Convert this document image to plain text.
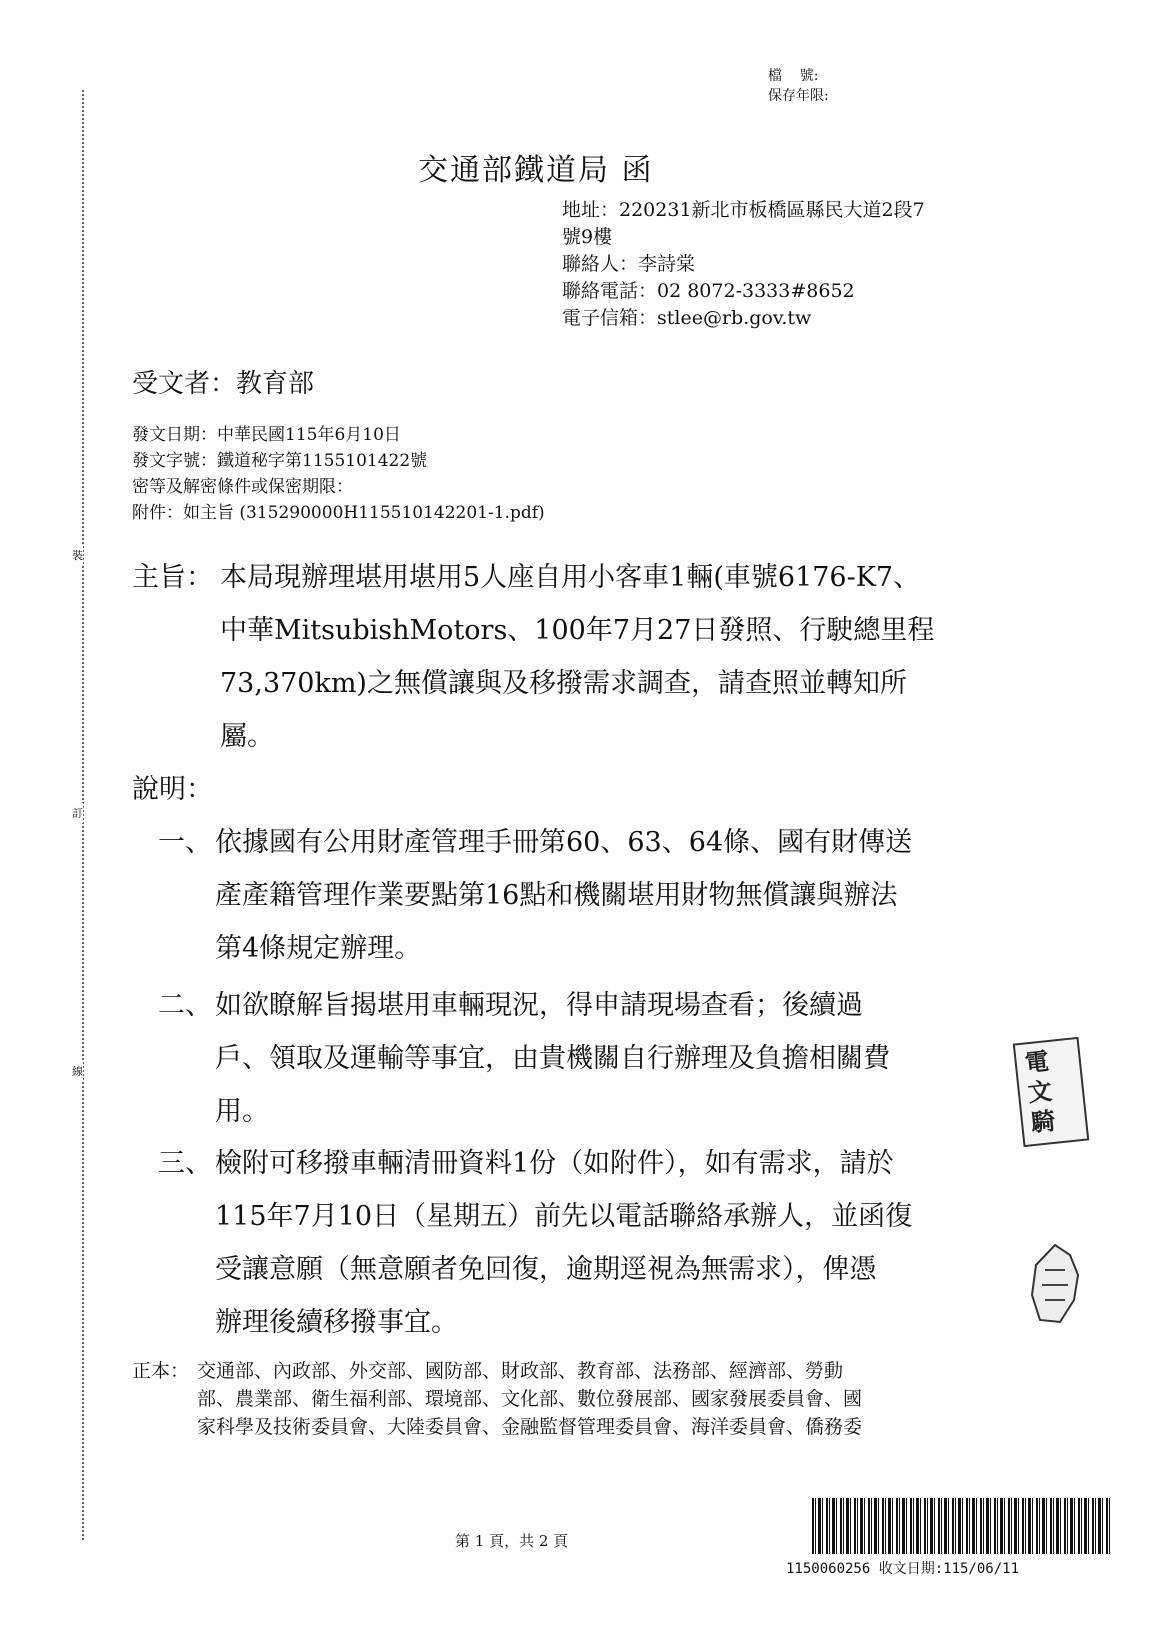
裝
訂
線
檔    號:
保存年限:
交通部鐵道局 函
地址：220231新北市板橋區縣民大道2段7
號9樓
聯絡人：李詩棠
聯絡電話：02 8072-3333#8652
電子信箱：stlee@rb.gov.tw
受文者：教育部
發文日期：中華民國115年6月10日
發文字號：鐵道秘字第1155101422號
密等及解密條件或保密期限：
附件：如主旨 (315290000H115510142201-1.pdf)
主旨： 本局現辦理堪用堪用5人座自用小客車1輛(車號6176-K7、
中華MitsubishMotors、100年7月27日發照、行駛總里程
73,370km)之無償讓與及移撥需求調查，請查照並轉知所
屬。
說明：
一、 依據國有公用財產管理手冊第60、63、64條、國有財傳送
產產籍管理作業要點第16點和機關堪用財物無償讓與辦法
第4條規定辦理。
二、 如欲瞭解旨揭堪用車輛現況，得申請現場查看；後續過
戶、領取及運輸等事宜，由貴機關自行辦理及負擔相關費
用。
三、 檢附可移撥車輛清冊資料1份（如附件），如有需求，請於
115年7月10日（星期五）前先以電話聯絡承辦人，並函復
受讓意願（無意願者免回復，逾期逕視為無需求），俾憑
辦理後續移撥事宜。
正本： 交通部、內政部、外交部、國防部、財政部、教育部、法務部、經濟部、勞動
部、農業部、衛生福利部、環境部、文化部、數位發展部、國家發展委員會、國
家科學及技術委員會、大陸委員會、金融監督管理委員會、海洋委員會、僑務委
第 1 頁，共 2 頁
1150060256 收文日期:115/06/11
電
文
騎
